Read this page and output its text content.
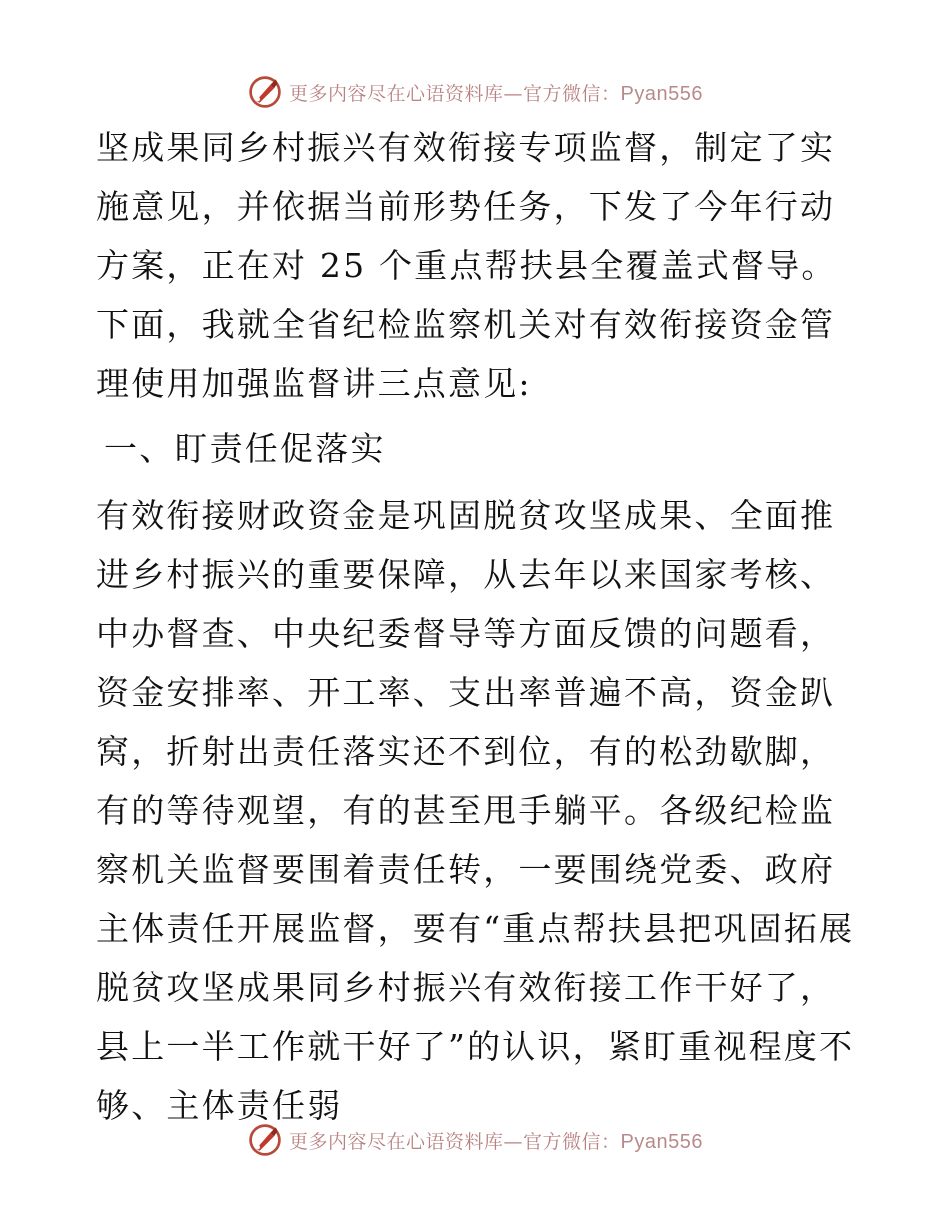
更多内容尽在心语资料库—官方微信：Pyan556

坚成果同乡村振兴有效衔接专项监督，制定了实施意见，并依据当前形势任务，下发了今年行动方案，正在对 25 个重点帮扶县全覆盖式督导。下面，我就全省纪检监察机关对有效衔接资金管理使用加强监督讲三点意见:

一、盯责任促落实

有效衔接财政资金是巩固脱贫攻坚成果、全面推进乡村振兴的重要保障，从去年以来国家考核、中办督查、中央纪委督导等方面反馈的问题看，资金安排率、开工率、支出率普遍不高，资金趴窝，折射出责任落实还不到位，有的松劲歇脚，有的等待观望，有的甚至甩手躺平。各级纪检监察机关监督要围着责任转，一要围绕党委、政府主体责任开展监督，要有“重点帮扶县把巩固拓展脱贫攻坚成果同乡村振兴有效衔接工作干好了，县上一半工作就干好了”的认识，紧盯重视程度不够、主体责任弱

更多内容尽在心语资料库—官方微信：Pyan556
